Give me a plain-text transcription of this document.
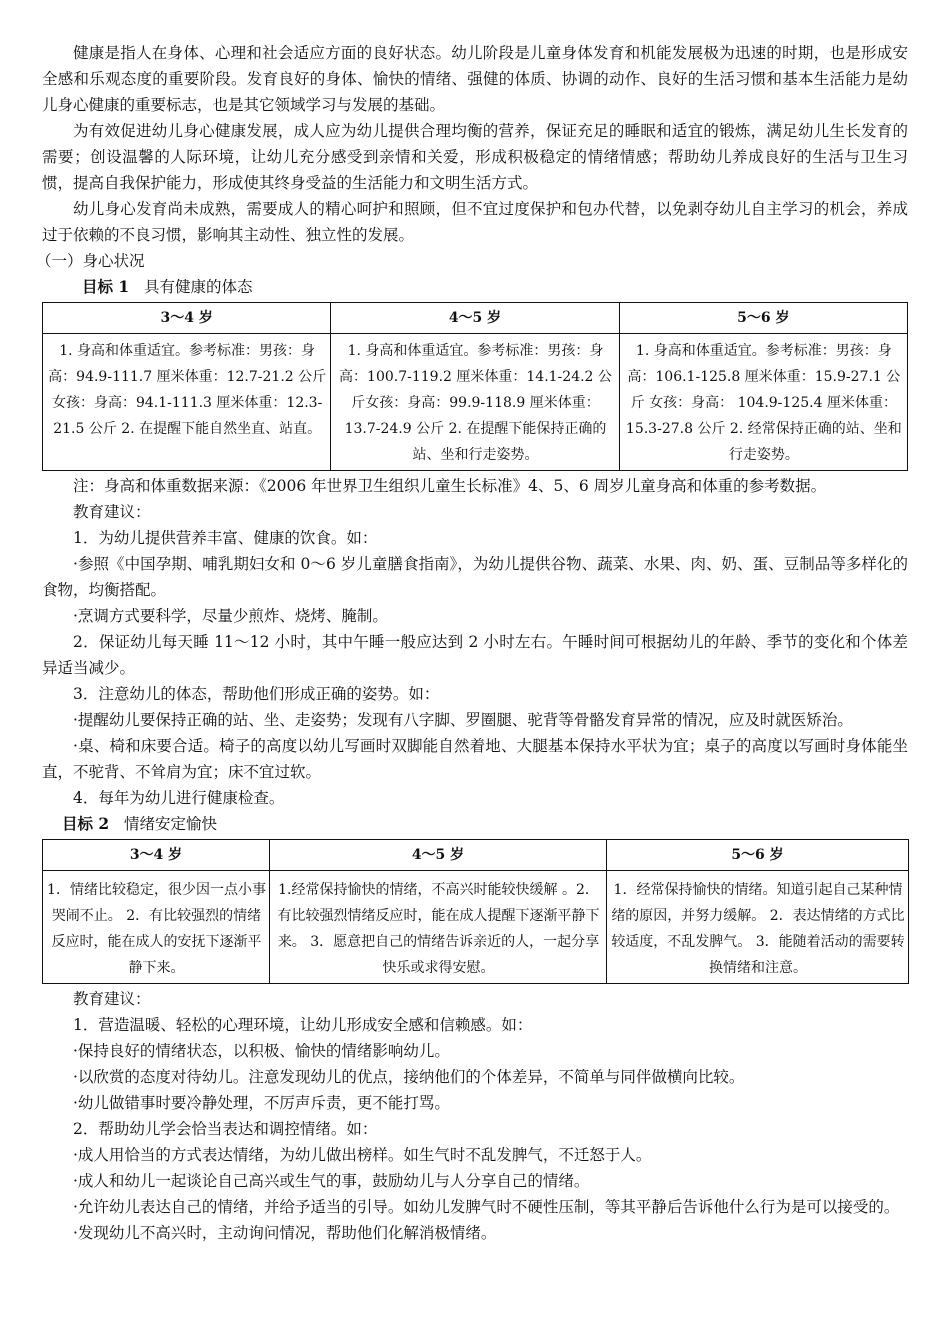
健康是指人在身体、心理和社会适应方面的良好状态。幼儿阶段是儿童身体发育和机能发展极为迅速的时期，也是形成安全感和乐观态度的重要阶段。发育良好的身体、愉快的情绪、强健的体质、协调的动作、良好的生活习惯和基本生活能力是幼儿身心健康的重要标志，也是其它领域学习与发展的基础。

为有效促进幼儿身心健康发展，成人应为幼儿提供合理均衡的营养，保证充足的睡眠和适宜的锻炼，满足幼儿生长发育的需要；创设温馨的人际环境，让幼儿充分感受到亲情和关爱，形成积极稳定的情绪情感；帮助幼儿养成良好的生活与卫生习惯，提高自我保护能力，形成使其终身受益的生活能力和文明生活方式。

幼儿身心发育尚未成熟，需要成人的精心呵护和照顾，但不宜过度保护和包办代替，以免剥夺幼儿自主学习的机会，养成过于依赖的不良习惯，影响其主动性、独立性的发展。

（一）身心状况

目标 1 具有健康的体态

3～4 岁	4～5 岁	5～6 岁
1. 身高和体重适宜。参考标准：男孩：身高：94.9-111.7 厘米体重：12.7-21.2 公斤女孩：身高：94.1-111.3 厘米体重：12.3-21.5 公斤 2. 在提醒下能自然坐直、站直。	1. 身高和体重适宜。参考标准：男孩：身高：100.7-119.2 厘米体重：14.1-24.2 公斤女孩：身高：99.9-118.9 厘米体重：13.7-24.9 公斤 2. 在提醒下能保持正确的站、坐和行走姿势。	1. 身高和体重适宜。参考标准：男孩：身高：106.1-125.8 厘米体重：15.9-27.1 公斤 女孩：身高： 104.9-125.4 厘米体重：15.3-27.8 公斤 2. 经常保持正确的站、坐和行走姿势。

注：身高和体重数据来源：《2006 年世界卫生组织儿童生长标准》4、5、6 周岁儿童身高和体重的参考数据。

教育建议：

1．为幼儿提供营养丰富、健康的饮食。如：

·参照《中国孕期、哺乳期妇女和 0～6 岁儿童膳食指南》，为幼儿提供谷物、蔬菜、水果、肉、奶、蛋、豆制品等多样化的食物，均衡搭配。

·烹调方式要科学，尽量少煎炸、烧烤、腌制。

2．保证幼儿每天睡 11～12 小时，其中午睡一般应达到 2 小时左右。午睡时间可根据幼儿的年龄、季节的变化和个体差异适当减少。

3．注意幼儿的体态，帮助他们形成正确的姿势。如：

·提醒幼儿要保持正确的站、坐、走姿势；发现有八字脚、罗圈腿、驼背等骨骼发育异常的情况，应及时就医矫治。

·桌、椅和床要合适。椅子的高度以幼儿写画时双脚能自然着地、大腿基本保持水平状为宜；桌子的高度以写画时身体能坐直，不驼背、不耸肩为宜；床不宜过软。

4．每年为幼儿进行健康检查。

目标 2 情绪安定愉快

3～4 岁	4～5 岁	5～6 岁
1．情绪比较稳定，很少因一点小事哭闹不止。 2．有比较强烈的情绪反应时，能在成人的安抚下逐渐平静下来。	1.经常保持愉快的情绪，不高兴时能较快缓解 。2．有比较强烈情绪反应时，能在成人提醒下逐渐平静下来。 3．愿意把自己的情绪告诉亲近的人，一起分享快乐或求得安慰。	1．经常保持愉快的情绪。知道引起自己某种情绪的原因，并努力缓解。 2．表达情绪的方式比较适度，不乱发脾气。 3．能随着活动的需要转换情绪和注意。

教育建议：

1．营造温暖、轻松的心理环境，让幼儿形成安全感和信赖感。如：

·保持良好的情绪状态，以积极、愉快的情绪影响幼儿。

·以欣赏的态度对待幼儿。注意发现幼儿的优点，接纳他们的个体差异，不简单与同伴做横向比较。

·幼儿做错事时要冷静处理，不厉声斥责，更不能打骂。

2．帮助幼儿学会恰当表达和调控情绪。如：

·成人用恰当的方式表达情绪，为幼儿做出榜样。如生气时不乱发脾气，不迁怒于人。

·成人和幼儿一起谈论自己高兴或生气的事，鼓励幼儿与人分享自己的情绪。

·允许幼儿表达自己的情绪，并给予适当的引导。如幼儿发脾气时不硬性压制，等其平静后告诉他什么行为是可以接受的。

·发现幼儿不高兴时，主动询问情况，帮助他们化解消极情绪。
